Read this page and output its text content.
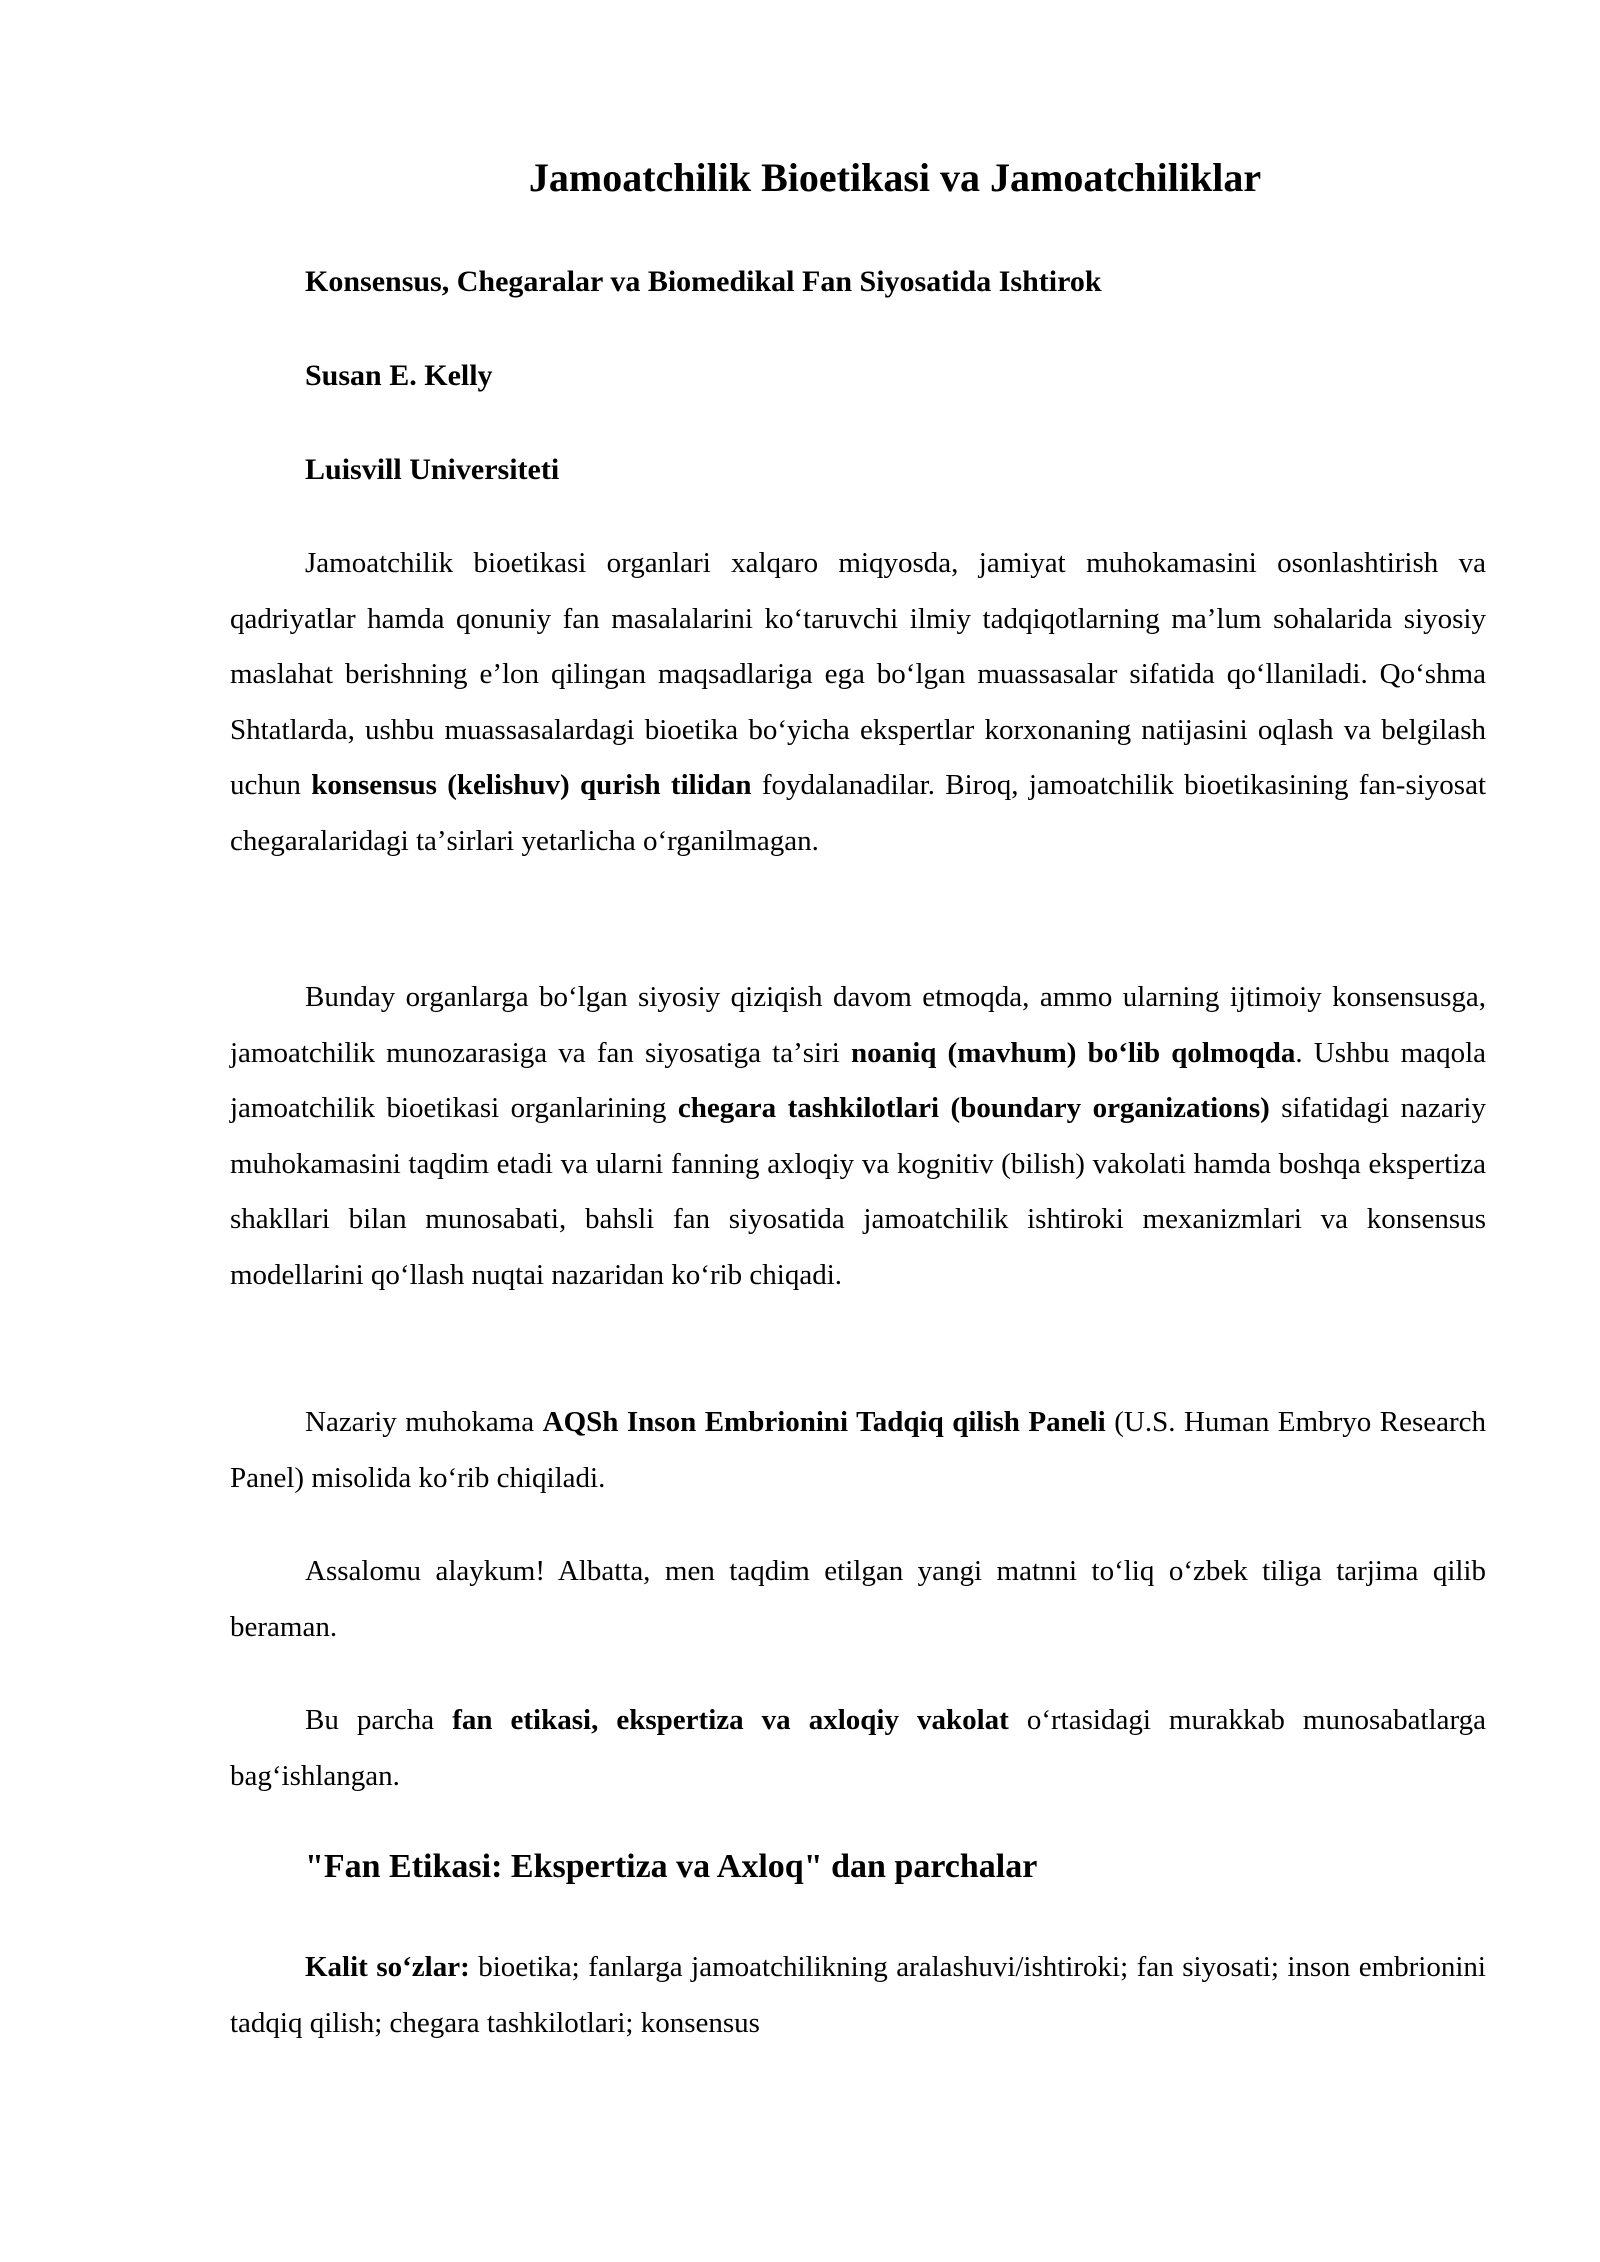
Jamoatchilik Bioetikasi va Jamoatchiliklar

Konsensus, Chegaralar va Biomedikal Fan Siyosatida Ishtirok

Susan E. Kelly

Luisvill Universiteti

Jamoatchilik bioetikasi organlari xalqaro miqyosda, jamiyat muhokamasini osonlashtirish va qadriyatlar hamda qonuniy fan masalalarini koʻtaruvchi ilmiy tadqiqotlarning maʼlum sohalarida siyosiy maslahat berishning eʼlon qilingan maqsadlariga ega boʻlgan muassasalar sifatida qoʻllaniladi. Qoʻshma Shtatlarda, ushbu muassasalardagi bioetika boʻyicha ekspertlar korxonaning natijasini oqlash va belgilash uchun konsensus (kelishuv) qurish tilidan foydalanadilar. Biroq, jamoatchilik bioetikasining fan-siyosat chegaralaridagi taʼsirlari yetarlicha oʻrganilmagan.

Bunday organlarga boʻlgan siyosiy qiziqish davom etmoqda, ammo ularning ijtimoiy konsensusga, jamoatchilik munozarasiga va fan siyosatiga taʼsiri noaniq (mavhum) boʻlib qolmoqda. Ushbu maqola jamoatchilik bioetikasi organlarining chegara tashkilotlari (boundary organizations) sifatidagi nazariy muhokamasini taqdim etadi va ularni fanning axloqiy va kognitiv (bilish) vakolati hamda boshqa ekspertiza shakllari bilan munosabati, bahsli fan siyosatida jamoatchilik ishtiroki mexanizmlari va konsensus modellarini qoʻllash nuqtai nazaridan koʻrib chiqadi.

Nazariy muhokama AQSh Inson Embrionini Tadqiq qilish Paneli (U.S. Human Embryo Research Panel) misolida koʻrib chiqiladi.

Assalomu alaykum! Albatta, men taqdim etilgan yangi matnni toʻliq oʻzbek tiliga tarjima qilib beraman.

Bu parcha fan etikasi, ekspertiza va axloqiy vakolat oʻrtasidagi murakkab munosabatlarga bagʻishlangan.

"Fan Etikasi: Ekspertiza va Axloq" dan parchalar

Kalit soʻzlar: bioetika; fanlarga jamoatchilikning aralashuvi/ishtiroki; fan siyosati; inson embrionini tadqiq qilish; chegara tashkilotlari; konsensus
